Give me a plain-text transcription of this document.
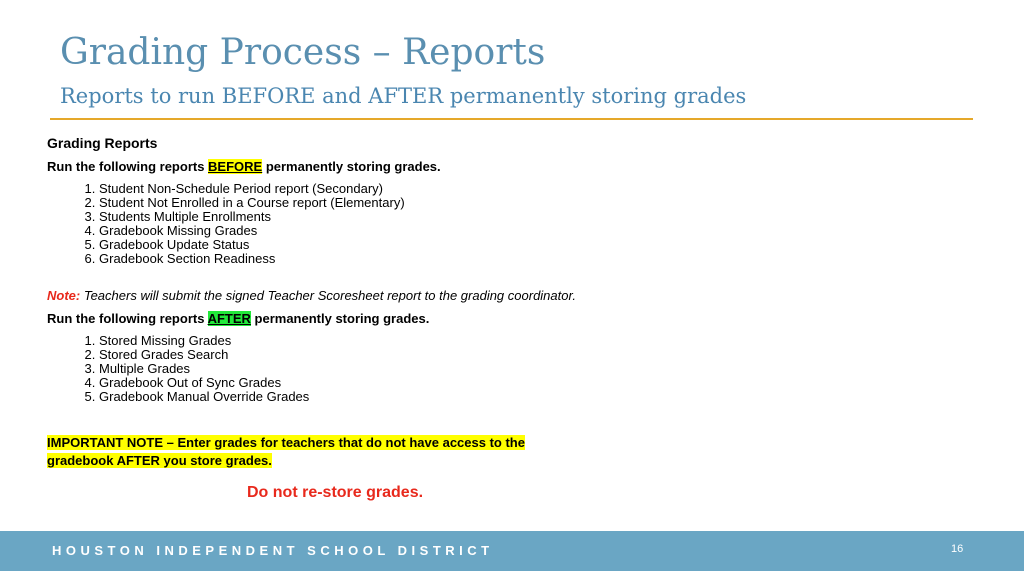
Grading Process – Reports
Reports to run BEFORE and AFTER permanently storing grades
Grading Reports
Run the following reports BEFORE permanently storing grades.
1. Student Non-Schedule Period report (Secondary)
2. Student Not Enrolled in a Course report (Elementary)
3. Students Multiple Enrollments
4. Gradebook Missing Grades
5. Gradebook Update Status
6. Gradebook Section Readiness
Note: Teachers will submit the signed Teacher Scoresheet report to the grading coordinator.
Run the following reports AFTER permanently storing grades.
1. Stored Missing Grades
2. Stored Grades Search
3. Multiple Grades
4. Gradebook Out of Sync Grades
5. Gradebook Manual Override Grades
IMPORTANT NOTE – Enter grades for teachers that do not have access to the
gradebook AFTER you store grades.
Do not re-store grades.
HOUSTON INDEPENDENT SCHOOL DISTRICT	16
